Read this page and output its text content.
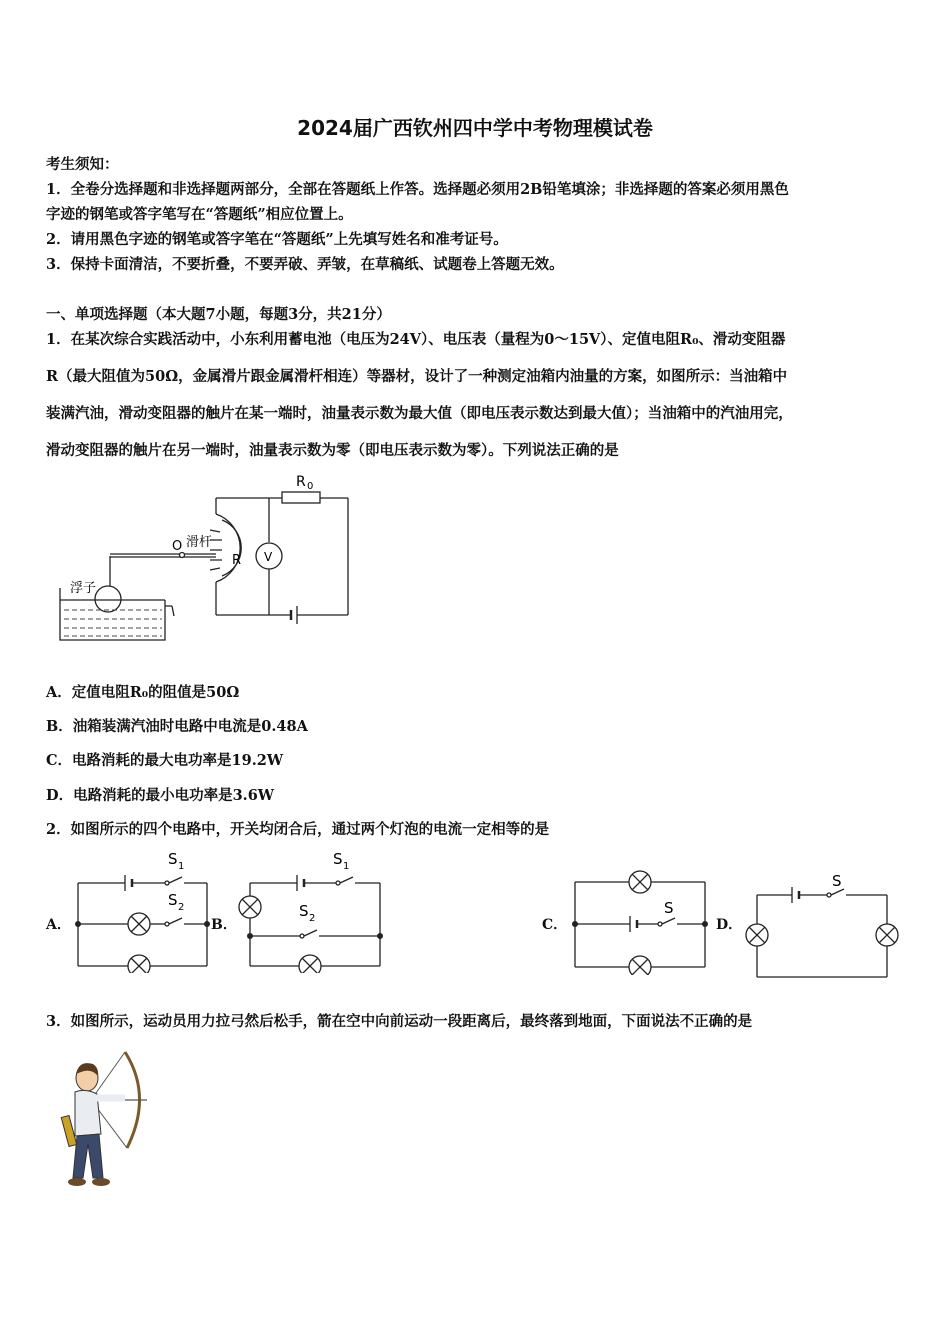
2024届广西钦州四中学中考物理模试卷
考生须知：
1．全卷分选择题和非选择题两部分，全部在答题纸上作答。选择题必须用2B铅笔填涂；非选择题的答案必须用黑色
字迹的钢笔或答字笔写在“答题纸”相应位置上。
2．请用黑色字迹的钢笔或答字笔在“答题纸”上先填写姓名和准考证号。
3．保持卡面清洁，不要折叠，不要弄破、弄皱，在草稿纸、试题卷上答题无效。
一、单项选择题（本大题7小题，每题3分，共21分）
1．在某次综合实践活动中，小东利用蓄电池（电压为24V）、电压表（量程为0～15V）、定值电阻R₀、滑动变阻器
R（最大阻值为50Ω，金属滑片跟金属滑杆相连）等器材，设计了一种测定油箱内油量的方案，如图所示：当油箱中
装满汽油，滑动变阻器的触片在某一端时，油量表示数为最大值（即电压表示数达到最大值）；当油箱中的汽油用完，
滑动变阻器的触片在另一端时，油量表示数为零（即电压表示数为零）。下列说法正确的是
R 0
O 滑杆
R V
浮子
A．定值电阻R₀的阻值是50Ω
B．油箱装满汽油时电路中电流是0.48A
C．电路消耗的最大电功率是19.2W
D．电路消耗的最小电功率是3.6W
2．如图所示的四个电路中，开关均闭合后，通过两个灯泡的电流一定相等的是
A．	B．	C．	D．
S 1
S 2
S 1
S 2
S
S
3．如图所示，运动员用力拉弓然后松手，箭在空中向前运动一段距离后，最终落到地面，下面说法不正确的是
